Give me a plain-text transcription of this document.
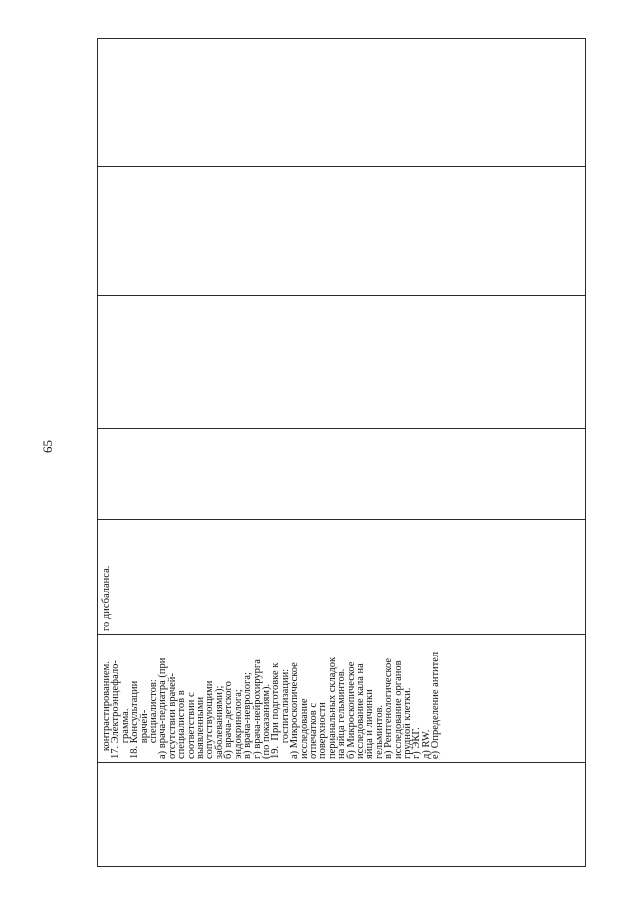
65
контрастированием.
17. Электроэнцефало-
грамма.
18. Консультации
врачей-
специалистов:
а) врача-педиатра (при
отсутствии врачей-
специалистов в
соответствии с
выявленными
сопутствующими
заболеваниями);
б) врача-детского
эндокринолога;
в) врача-невролога;
г) врача-нейрохирурга
(по показаниям).
19.  При подготовке к
госпитализации:
а) Микроскопическое
исследование
отпечатков с
поверхности
перианальных складок
на яйца гельминтов.
б) Микроскопическое
исследование кала на
яйца и личинки
гельминтов.
в) Рентгенологическое
исследование органов
грудной клетки.
г) ЭКГ.
д) RW.
е) Определение антител
го дисбаланса.
